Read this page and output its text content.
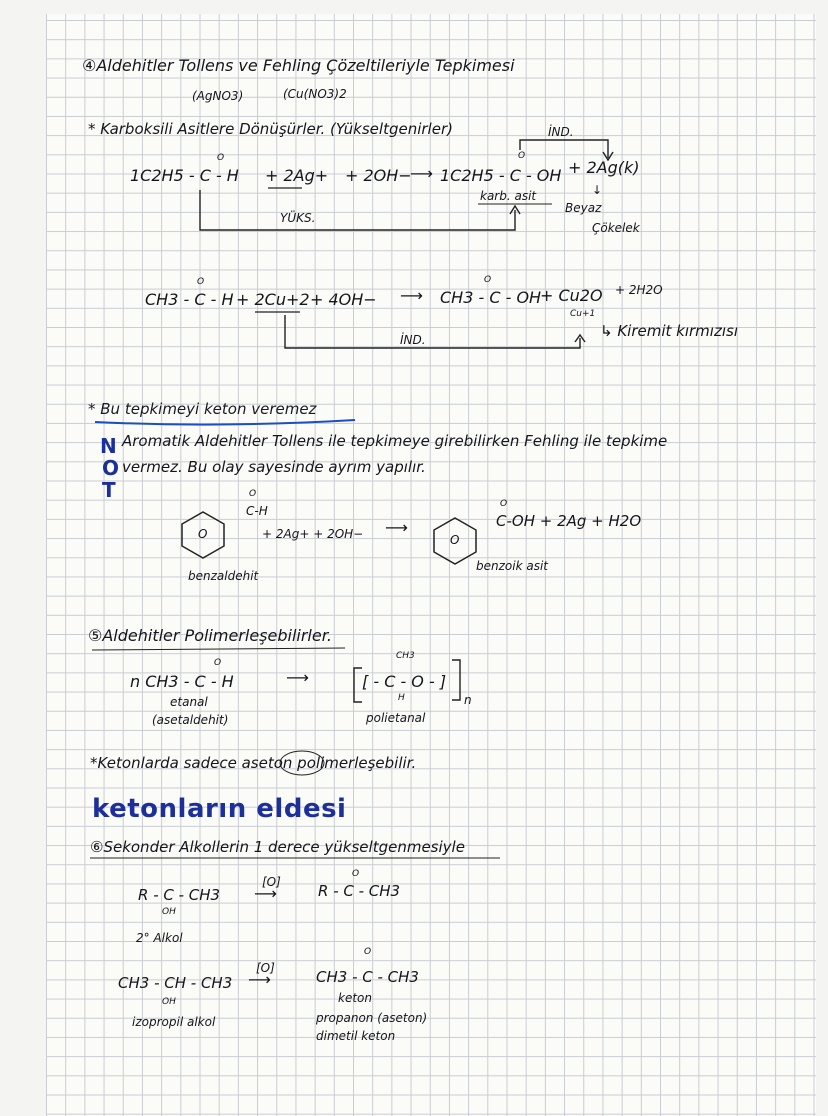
④Aldehitler Tollens ve Fehling Çözeltileriyle Tepkimesi
(AgNO3)	(Cu(NO3)2
* Karboksili Asitlere Dönüşürler. (Yükseltgenirler)	İND.
1C2H5 - C - H
O
+ 2Ag+ + 2OH−
⟶ 1C2H5 - C - OH
O
+ 2Ag(k)
karb. asit
YÜKS.
↓
Beyaz
Çökelek
CH3 - C - H
O
+ 2Cu+2 + 4OH− ⟶ CH3 - C - OH
O
+ Cu2O + 2H2O
Cu+1
İND.	↳ Kiremit kırmızısı
* Bu tepkimeyi keton veremez
N
O
T
Aromatik Aldehitler Tollens ile tepkimeye girebilirken Fehling ile tepkime
vermez. Bu olay sayesinde ayrım yapılır.
O
C-H
O
+ 2Ag+ + 2OH− ⟶
O
C-OH + 2Ag + H2O
O
benzaldehit
benzoik asit
⑤Aldehitler Polimerleşebilirler.
n CH3 - C - H
O
⟶	[ - C - O - ]
CH3
H	n
etanal
(asetaldehit)	polietanal
*Ketonlarda sadece aseton polimerleşebilir.
ketonların eldesi
⑥Sekonder Alkollerin 1 derece yükseltgenmesiyle
R - C - CH3
OH
2° Alkol
[O]
⟶	R - C - CH3
O
CH3 - CH - CH3
OH
izopropil alkol
[O]
⟶	CH3 - C - CH3
O
keton
propanon (aseton)
dimetil keton
